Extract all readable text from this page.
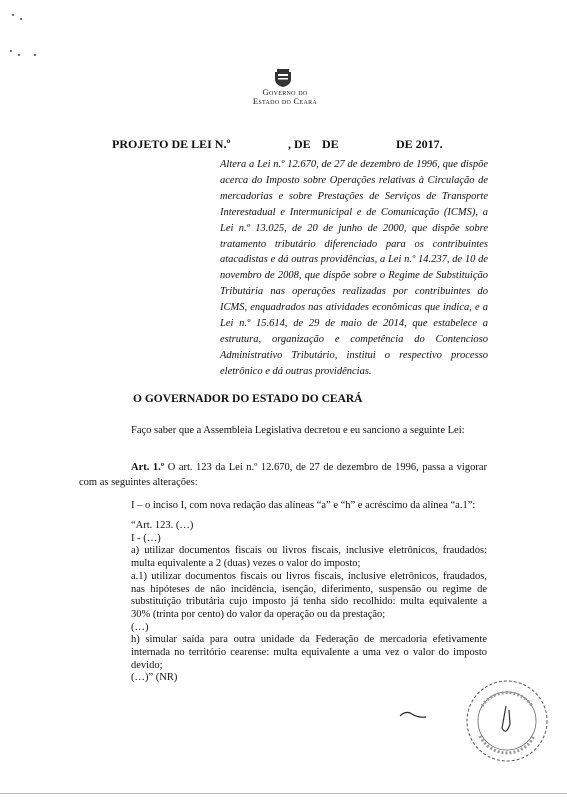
Governo do
Estado do Ceará
PROJETO DE LEI N.º	, DE DE	DE 2017.
Altera a Lei n.º 12.670, de 27 de dezembro de 1996, que dispõe acerca do Imposto sobre Operações relativas à Circulação de mercadorias e sobre Prestações de Serviços de Transporte Interestadual e Intermunicipal e de Comunicação (ICMS), a Lei n.º 13.025, de 20 de junho de 2000, que dispõe sobre tratamento tributário diferenciado para os contribuintes atacadistas e dá outras providências, a Lei n.º 14.237, de 10 de novembro de 2008, que dispõe sobre o Regime de Substituição Tributária nas operações realizadas por contribuintes do ICMS, enquadrados nas atividades econômicas que indica, e a Lei n.º 15.614, de 29 de maio de 2014, que estabelece a estrutura, organização e competência do Contencioso Administrativo Tributário, institui o respectivo processo eletrônico e dá outras providências.
O GOVERNADOR DO ESTADO DO CEARÁ
Faço saber que a Assembleia Legislativa decretou e eu sanciono a seguinte Lei:
Art. 1.º O art. 123 da Lei n.º 12.670, de 27 de dezembro de 1996, passa a vigorar com as seguintes alterações:
I – o inciso I, com nova redação das alíneas “a” e “h” e acréscimo da alínea “a.1”:
“Art. 123. (…)
I - (…)
a) utilizar documentos fiscais ou livros fiscais, inclusive eletrônicos, fraudados: multa equivalente a 2 (duas) vezes o valor do imposto;
a.1) utilizar documentos fiscais ou livros fiscais, inclusive eletrônicos, fraudados, nas hipóteses de não incidência, isenção, diferimento, suspensão ou regime de substituição tributária cujo imposto já tenha sido recolhido: multa equivalente a 30% (trinta por cento) do valor da operação ou da prestação;
(…)
h) simular saída para outra unidade da Federação de mercadoria efetivamente internada no território cearense: multa equivalente a uma vez o valor do imposto devido;
(…)” (NR)
